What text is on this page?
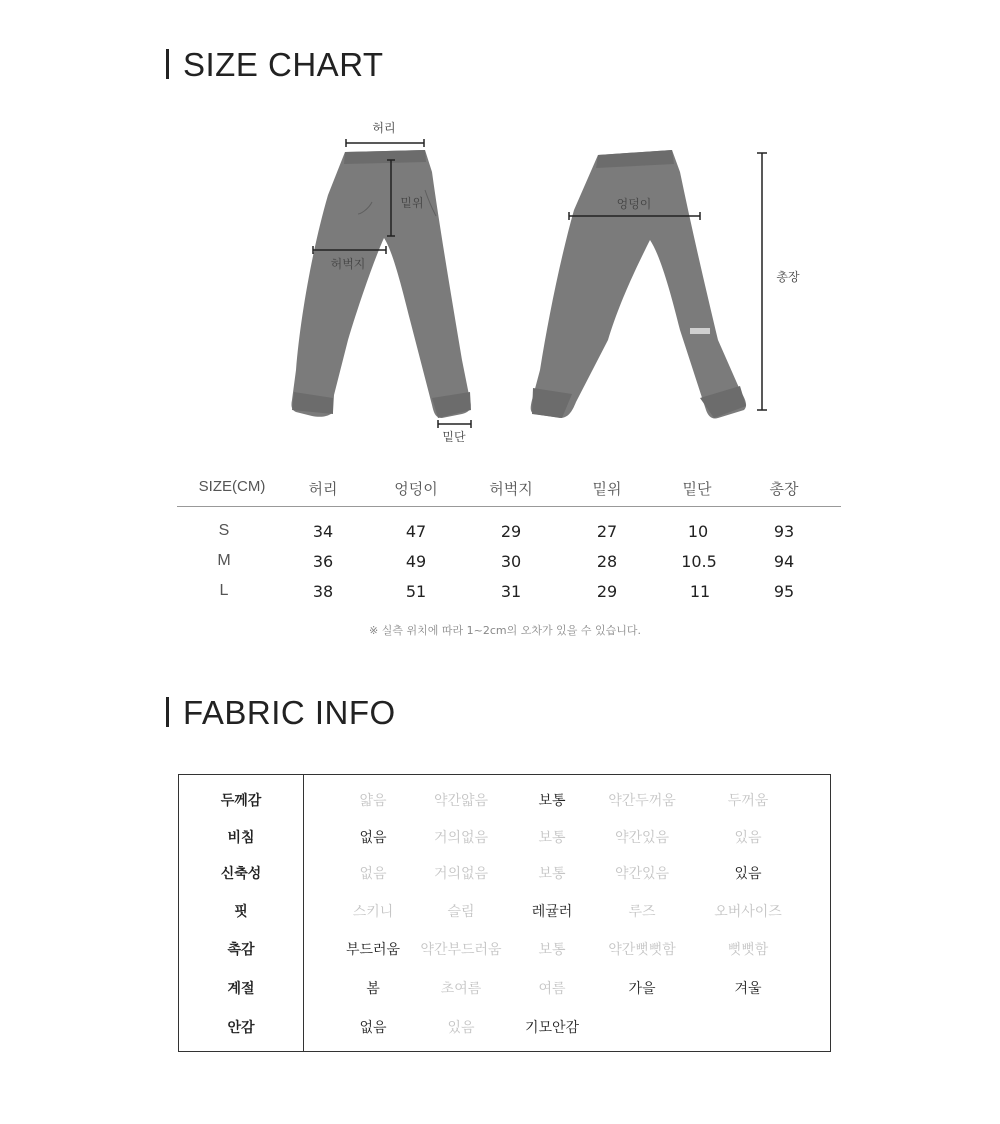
SIZE CHART
허리
밑위
허벅지
밑단
엉덩이
총장
SIZE(CM)	허리	엉덩이	허벅지	밑위	밑단	총장
S	34	47	29	27	10	93
M	36	49	30	28	10.5	94
L	38	51	31	29	11	95
※ 실측 위치에 따라 1~2cm의 오차가 있을 수 있습니다.
FABRIC INFO
두께감	얇음	약간얇음	보통	약간두꺼움	두꺼움
비침	없음	거의없음	보통	약간있음	있음
신축성	없음	거의없음	보통	약간있음	있음
핏	스키니	슬림	레귤러	루즈	오버사이즈
촉감	부드러움	약간부드러움	보통	약간뻣뻣함	뻣뻣함
계절	봄	초여름	여름	가을	겨울
안감	없음	있음	기모안감
